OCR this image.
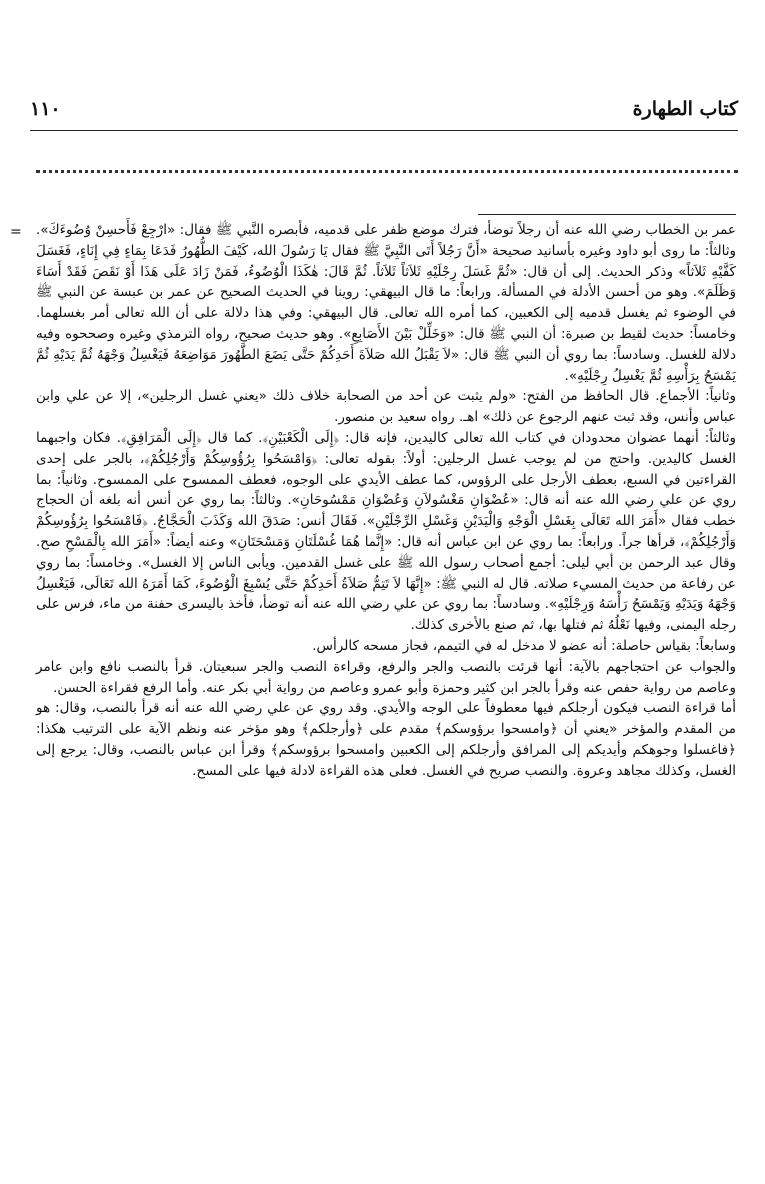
١١٠	كتاب الطهارة
= عمر بن الخطاب رضي الله عنه أن رجلاً توضأ، فترك موضع ظفر على قدميه، فأبصره النَّبي ﷺ فقال: «ارْجِعْ فَأَحسِنْ وُضُوءَكَ». وثالثاً: ما روى أبو داود وغيره بأسانيد صحيحة «أَنَّ رَجُلاً أَتَى النَّبِيَّ ﷺ فقال يَا رَسُولَ الله، كَيْفَ الطُّهُورُ فَدَعَا بِمَاءٍ فِي إِنَاءٍ، فَغَسَلَ كَفَّيْهِ ثَلاَثاً» وذكر الحديث. إلى أن قال: «ثُمَّ غَسَلَ رِجْلَيْهِ ثَلاَثاً ثَلاَثاً. ثُمَّ قَالَ: هٰكَذَا الْوُضُوءُ، فَمَنْ زَادَ عَلَى هَذَا أَوْ نَقَصَ فَقَدْ أَسَاءَ وَظَلَمَ». وهو من أحسن الأدلة في المسألة. ورابعاً: ما قال البيهقي: روينا في الحديث الصحيح عن عمر بن عبسة عن النبي ﷺ في الوضوء ثم يغسل قدميه إلى الكعبين، كما أمره الله تعالى. قال البيهقي: وفي هذا دلالة على أن الله تعالى أمر بغسلهما. وخامساً: حديث لقيط بن صبرة: أن النبي ﷺ قال: «وَخَلِّلْ بَيْنَ الأَصَابِعِ». وهو حديث صحيح، رواه الترمذي وغيره وصححوه وفيه دلالة للغسل. وسادساً: بما روي أن النبي ﷺ قال: «لاَ يَقْبَلُ الله صَلاَةَ أَحَدِكُمْ حَتَّى يَضَعَ الطَّهُورَ مَوَاضِعَهُ فَيَغْسِلُ وَجْهَهُ ثُمَّ يَدَيْهِ ثُمَّ يَمْسَحُ بِرَأْسِهِ ثُمَّ يَغْسِلُ رِجْلَيْهِ».

وثانياً: الأجماع. قال الحافظ من الفتح: «ولم يثبت عن أحد من الصحابة خلاف ذلك «يعني غسل الرجلين»، إلا عن علي وابن عباس وأنس، وقد ثبت عنهم الرجوع عن ذلك» اهـ. رواه سعيد بن منصور.

وثالثاً: أنهما عضوان محدودان في كتاب الله تعالى كاليدين، فإنه قال: ﴿إِلَى الْكَعْبَيْنِ﴾. كما قال ﴿إِلَى الْمَرَافِقِ﴾. فكان واجبهما الغسل كاليدين. واحتج من لم يوجب غسل الرجلين: أولاً: بقوله تعالى: ﴿وَامْسَحُوا بِرُؤُوسِكُمْ وَأَرْجُلِكُمْ﴾، بالجر على إحدى القراءتين في السبع، بعطف الأرجل على الرؤوس، كما عطف الأيدي على الوجوه، فعطف الممسوح على الممسوح. وثانياً: بما روي عن علي رضي الله عنه أنه قال: «عُضْوَانِ مَغْسُولاَنِ وَعُضْوَانِ مَمْسُوحَانِ». وثالثاً: بما روي عن أنس أنه بلغه أن الحجاج خطب فقال «أَمَرَ الله تَعَالَى بِغَسْلِ الْوَجْهِ وَالْيَدَيْنِ وَغَسْلِ الرِّجْلَيْنِ». فَقَالَ أنس: صَدَقَ الله وَكَذَبَ الْحَجَّاجُ. ﴿فَامْسَحُوا بِرُؤُوسِكُمْ وَأَرْجُلِكُمْ﴾، قرأها جراً. ورابعاً: بما روي عن ابن عباس أنه قال: «إِنَّما هُمَا غُسْلَتَانِ وَمَسْحَتَانِ» وعنه أيضاً: «أَمَرَ الله بِالْمَسْحِ صح. وقال عبد الرحمن بن أبي ليلى: أجمع أصحاب رسول الله ﷺ على غسل القدمين. ويأبى الناس إلا الغسل». وخامساً: بما روي عن رفاعة من حديث المسيء صلاته. قال له النبي ﷺ: «إِنَّهَا لاَ تَتِمُّ صَلاَةُ أَحَدِكُمْ حَتَّى يُسْبِغَ الْوُضُوءَ، كَمَا أَمَرَهُ الله تَعَالَى، فَيَغْسِلُ وَجْهَهُ وَيَدَيْهِ وَيَمْسَحُ رَأْسَهُ وَرِجْلَيْهِ». وسادساً: بما روي عن علي رضي الله عنه أنه توضأ، فأخذ باليسرى حفنة من ماء، فرس على رجله اليمنى، وفيها نَعْلُهُ ثم فتلها بها، ثم صنع بالأخرى كذلك.

وسابعاً: بقياس حاصلة: أنه عضو لا مدخل له في التيمم، فجاز مسحه كالرأس.

والجواب عن احتجاجهم بالآية: أنها قرئت بالنصب والجر والرفع، وقراءة النصب والجر سبعيتان. قرأ بالنصب نافع وابن عامر وعاصم من رواية حفص عنه وقرأ بالجر ابن كثير وحمزة وأبو عمرو وعاصم من رواية أبي بكر عنه. وأما الرفع فقراءة الحسن.

أما قراءة النصب فيكون أرجلكم فيها معطوفاً على الوجه والأيدي. وقد روي عن علي رضي الله عنه أنه قرأ بالنصب، وقال: هو من المقدم والمؤخر «يعني أن ﴿وامسحوا برؤوسكم﴾ مقدم على ﴿وأرجلكم﴾ وهو مؤخر عنه ونظم الآية على الترتيب هكذا: ﴿فاغسلوا وجوهكم وأيديكم إلى المرافق وأرجلكم إلى الكعبين وامسحوا برؤوسكم﴾ وقرأ ابن عباس بالنصب، وقال: يرجع إلى الغسل، وكذلك مجاهد وعروة. والنصب صريح في الغسل. فعلى هذه القراءة لادلة فيها على المسح.
